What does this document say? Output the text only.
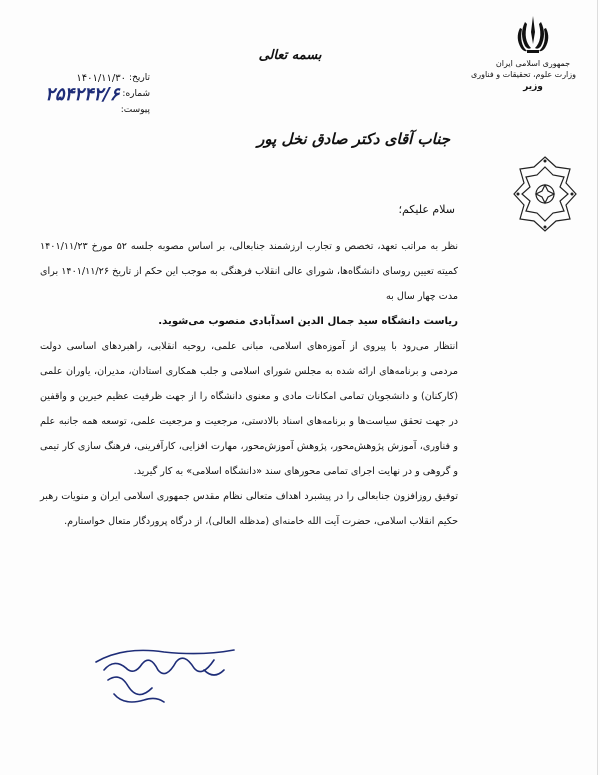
جمهوری اسلامی ایران
وزارت علوم، تحقیقات و فناوری
وزیر
بسمه تعالی
تاریخ:
۱۴۰۱/۱۱/۳۰
شماره:
۲۵۴۲۴۲/۶
پیوست:
جناب آقای دکتر صادق نخل پور
سلام علیکم؛

نظر به مراتب تعهد، تخصص و تجارب ارزشمند جنابعالی، بر اساس مصوبه جلسه ۵۲ مورخ ۱۴۰۱/۱۱/۲۳ کمیته تعیین روسای دانشگاه‌ها، شورای عالی انقلاب فرهنگی به موجب این حکم از تاریخ ۱۴۰۱/۱۱/۲۶ برای مدت چهار سال به

ریاست دانشگاه سید جمال الدین اسدآبادی منصوب می‌شوید.

انتظار می‌رود با پیروی از آموزه‌های اسلامی، مبانی علمی، روحیه انقلابی، راهبردهای اساسی دولت مردمی و برنامه‌های ارائه شده به مجلس شورای اسلامی و جلب همکاری استادان، مدیران، یاوران علمی (کارکنان) و دانشجویان تمامی امکانات مادی و معنوی دانشگاه را از جهت ظرفیت عظیم خیرین و واقفین در جهت تحقق سیاست‌ها و برنامه‌های اسناد بالادستی، مرجعیت و مرجعیت علمی، توسعه همه جانبه علم و فناوری، آموزش پژوهش‌محور، پژوهش آموزش‌محور، مهارت افزایی، کارآفرینی، فرهنگ سازی کار تیمی و گروهی و در نهایت اجرای تمامی محورهای سند «دانشگاه اسلامی» به کار گیرید.

توفیق روزافزون جنابعالی را در پیشبرد اهداف متعالی نظام مقدس جمهوری اسلامی ایران و منویات رهبر حکیم انقلاب اسلامی، حضرت آیت الله خامنه‌ای (مدظله العالی)، از درگاه پروردگار متعال خواستارم.
